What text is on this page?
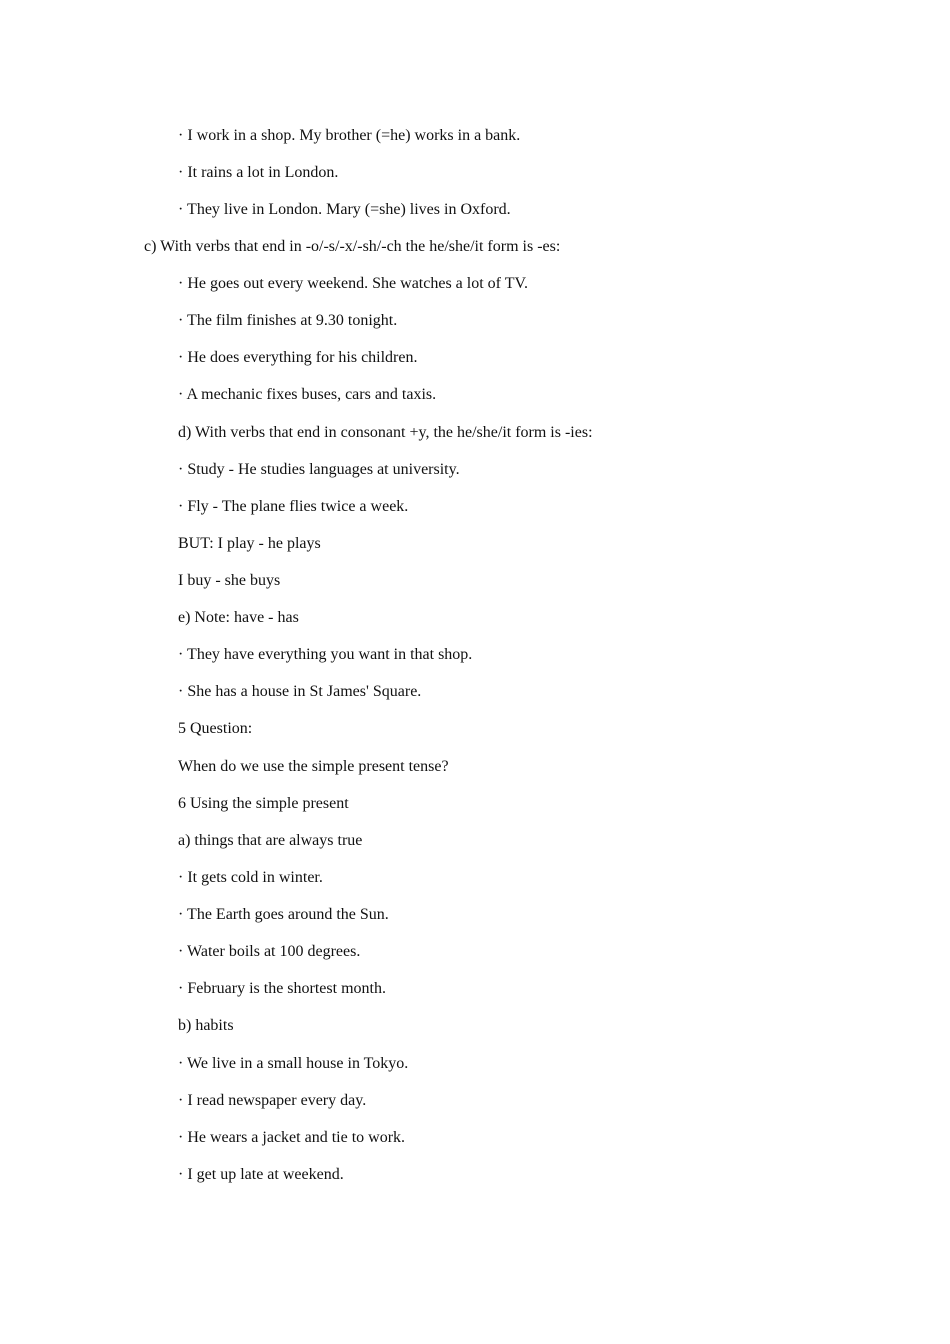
· I work in a shop. My brother (=he) works in a bank.
· It rains a lot in London.
· They live in London. Mary (=she) lives in Oxford.
c) With verbs that end in -o/-s/-x/-sh/-ch the he/she/it form is -es:
· He goes out every weekend. She watches a lot of TV.
· The film finishes at 9.30 tonight.
· He does everything for his children.
· A mechanic fixes buses, cars and taxis.
d) With verbs that end in consonant +y, the he/she/it form is -ies:
· Study - He studies languages at university.
· Fly - The plane flies twice a week.
BUT: I play - he plays
I buy - she buys
e) Note: have - has
· They have everything you want in that shop.
· She has a house in St James' Square.
5 Question:
When do we use the simple present tense?
6 Using the simple present
a) things that are always true
· It gets cold in winter.
· The Earth goes around the Sun.
· Water boils at 100 degrees.
· February is the shortest month.
b) habits
· We live in a small house in Tokyo.
· I read newspaper every day.
· He wears a jacket and tie to work.
· I get up late at weekend.
